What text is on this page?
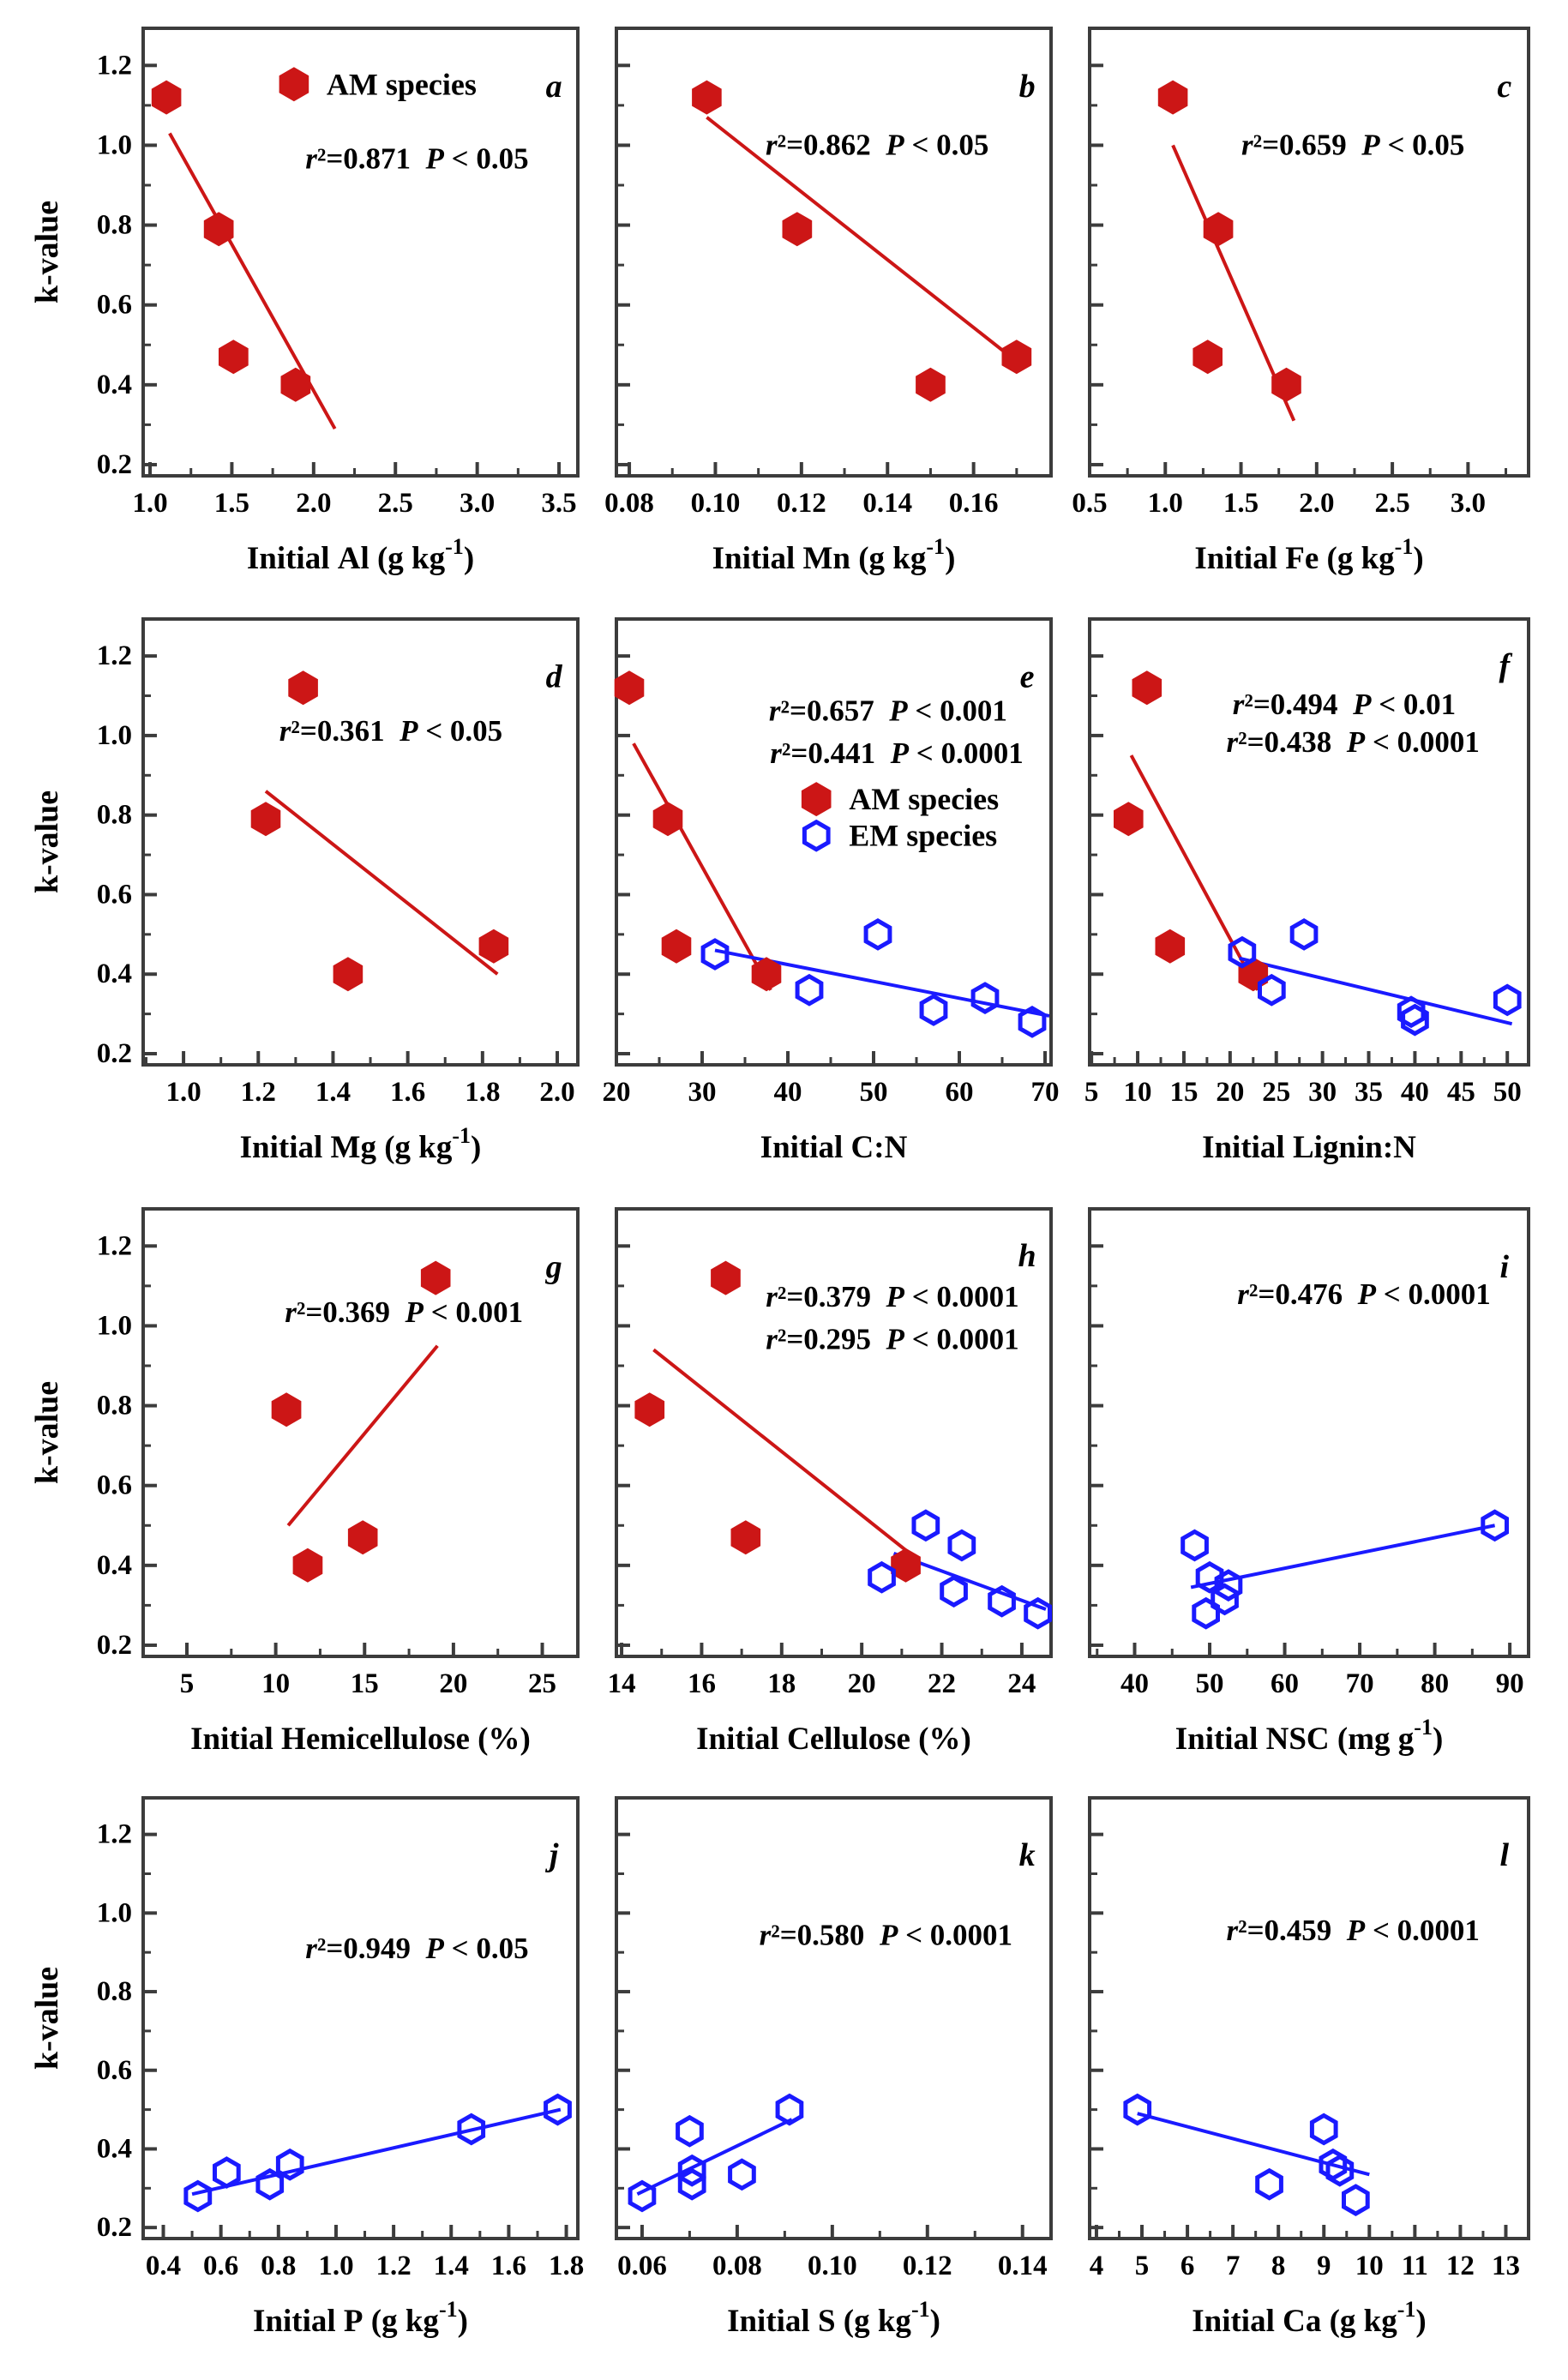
1.0 1.5 2.0 2.5 3.0 3.5
0.2
0.4
0.6
0.8
1.0
1.2
k-value
Initial Al (g $kg^{-1}$)
r²=0.871 P < 0.05
AM species a
0.08 0.10 0.12 0.14 0.16
Initial Mn (g $kg^{-1}$)
r²=0.862 P < 0.05
b
0.5 1.0 1.5 2.0 2.5 3.0
Initial Fe (g $kg^{-1}$)
r²=0.659 P < 0.05
c
1.0 1.2 1.4 1.6 1.8 2.0
0.2
0.4
0.6
0.8
1.0
1.2
k-value
Initial Mg (g $kg^{-1}$)
r²=0.361 P < 0.05
d
20 30 40 50 60 70
Initial C:N
r²=0.657 P < 0.001
r²=0.441 P < 0.0001
AM species
EM species
e
5 10 15 20 25 30 35 40 45 50
Initial Lignin:N
r²=0.494 P < 0.01
r²=0.438 P < 0.0001
f
5 10 15 20 25
0.2
0.4
0.6
0.8
1.0
1.2
k-value
Initial Hemicellulose (%)
r²=0.369 P < 0.001
g
14 16 18 20 22 24
Initial Cellulose (%)
r²=0.379 P < 0.0001
r²=0.295 P < 0.0001
h
40 50 60 70 80 90
Initial NSC (mg $g^{-1}$)
r²=0.476 P < 0.0001
i
0.4 0.6 0.8 1.0 1.2 1.4 1.6 1.8
0.2
0.4
0.6
0.8
1.0
1.2
k-value
Initial P (g $kg^{-1}$)
r²=0.949 P < 0.05
j
0.06 0.08 0.10 0.12 0.14
Initial S (g $kg^{-1}$)
r²=0.580 P < 0.0001
k
4 5 6 7 8 9 10 11 12 13
Initial Ca (g $kg^{-1}$)
r²=0.459 P < 0.0001
l
